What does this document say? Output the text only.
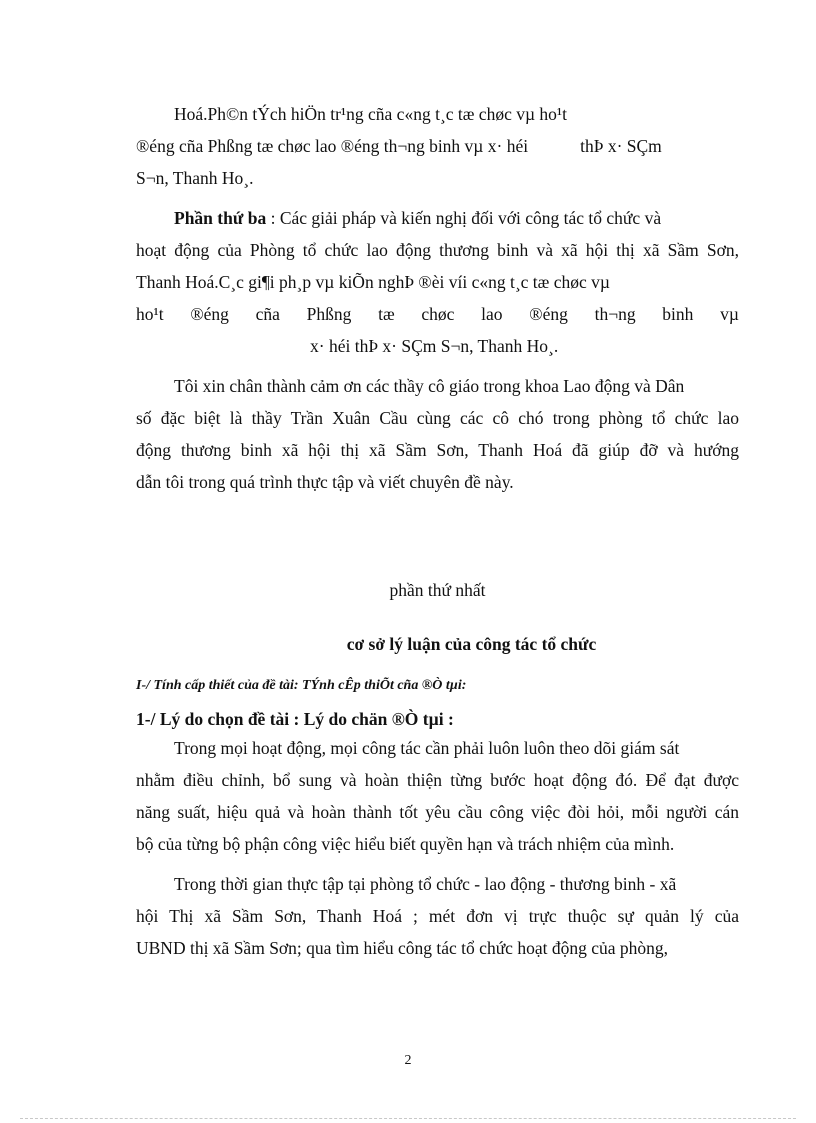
Hoá.Ph©n tÝch hiÖn tr¹ng cña c«ng t¸c tæ chøc vµ ho¹t
®éng cña Phßng tæ chøc lao ®éng th¬ng binh vµ x· héi	thÞ x· SÇm
S¬n, Thanh Ho¸.
Phần thứ ba : Các giải pháp và kiến nghị đối với công tác tổ chức và
hoạt động của Phòng tổ chức lao động thương binh và xã hội thị xã Sầm Sơn,
Thanh Hoá.C¸c gi¶i ph¸p vµ kiÕn nghÞ ®èi víi c«ng t¸c tæ chøc vµ
ho¹t ®éng cña Phßng tæ chøc lao ®éng th¬ng binh vµ
x· héi thÞ x· SÇm S¬n, Thanh Ho¸.
Tôi xin chân thành cảm ơn các thầy cô giáo trong khoa Lao động và Dân
số đặc biệt là thầy Trần Xuân Cầu cùng các cô chó trong phòng tổ chức lao
động thương binh xã hội thị xã Sầm Sơn, Thanh Hoá đã giúp đỡ và hướng
dẫn tôi trong quá trình thực tập và viết chuyên đề này.
phần thứ nhất
cơ sở lý luận của công tác tổ chức
I-/ Tính cấp thiết của đề tài: TÝnh cÊp thiÕt cña ®Ò tµi:
1-/ Lý do chọn đề tài : Lý do chän ®Ò tµi :
Trong mọi hoạt động, mọi công tác cần phải luôn luôn theo dõi giám sát
nhằm điều chỉnh, bổ sung và hoàn thiện từng bước hoạt động đó. Để đạt được
năng suất, hiệu quả và hoàn thành tốt yêu cầu công việc đòi hỏi, mỗi người cán
bộ của từng bộ phận công việc hiểu biết quyền hạn và trách nhiệm của mình.
Trong thời gian thực tập tại phòng tổ chức - lao động - thương binh - xã
hội Thị xã Sầm Sơn, Thanh Hoá ; mét đơn vị trực thuộc sự quản lý của
UBND thị xã Sầm Sơn; qua tìm hiểu công tác tổ chức hoạt động của phòng,
2
